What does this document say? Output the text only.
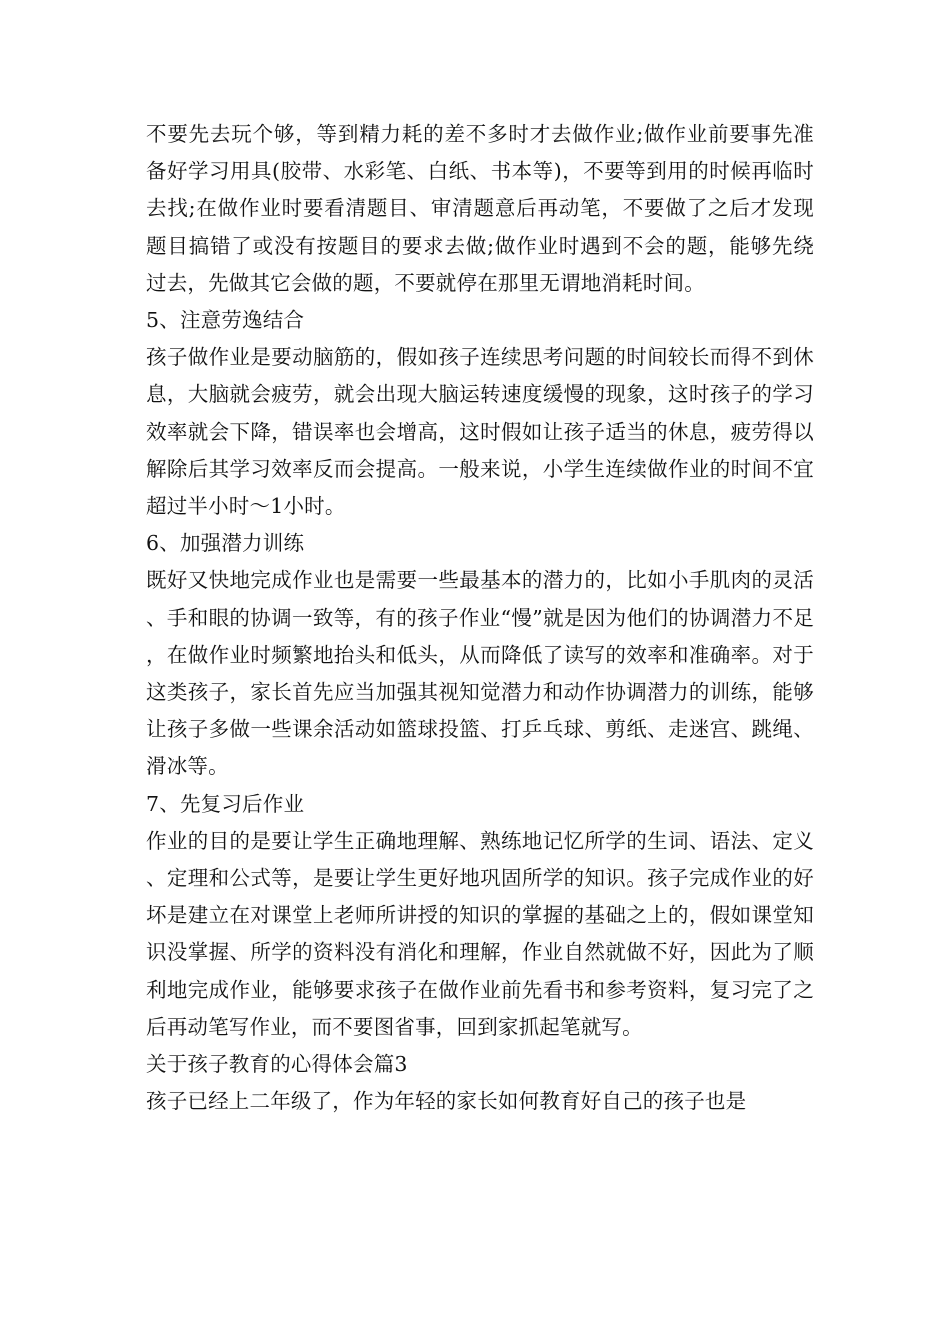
不要先去玩个够，等到精力耗的差不多时才去做作业;做作业前要事先准备好学习用具(胶带、水彩笔、白纸、书本等)，不要等到用的时候再临时去找;在做作业时要看清题目、审清题意后再动笔，不要做了之后才发现题目搞错了或没有按题目的要求去做;做作业时遇到不会的题，能够先绕过去，先做其它会做的题，不要就停在那里无谓地消耗时间。

5、注意劳逸结合

孩子做作业是要动脑筋的，假如孩子连续思考问题的时间较长而得不到休息，大脑就会疲劳，就会出现大脑运转速度缓慢的现象，这时孩子的学习效率就会下降，错误率也会增高，这时假如让孩子适当的休息，疲劳得以解除后其学习效率反而会提高。一般来说，小学生连续做作业的时间不宜超过半小时～1小时。

6、加强潜力训练

既好又快地完成作业也是需要一些最基本的潜力的，比如小手肌肉的灵活、手和眼的协调一致等，有的孩子作业“慢”就是因为他们的协调潜力不足，在做作业时频繁地抬头和低头，从而降低了读写的效率和准确率。对于这类孩子，家长首先应当加强其视知觉潜力和动作协调潜力的训练，能够让孩子多做一些课余活动如篮球投篮、打乒乓球、剪纸、走迷宫、跳绳、滑冰等。

7、先复习后作业

作业的目的是要让学生正确地理解、熟练地记忆所学的生词、语法、定义、定理和公式等，是要让学生更好地巩固所学的知识。孩子完成作业的好坏是建立在对课堂上老师所讲授的知识的掌握的基础之上的，假如课堂知识没掌握、所学的资料没有消化和理解，作业自然就做不好，因此为了顺利地完成作业，能够要求孩子在做作业前先看书和参考资料，复习完了之后再动笔写作业，而不要图省事，回到家抓起笔就写。

关于孩子教育的心得体会篇3

孩子已经上二年级了，作为年轻的家长如何教育好自己的孩子也是
